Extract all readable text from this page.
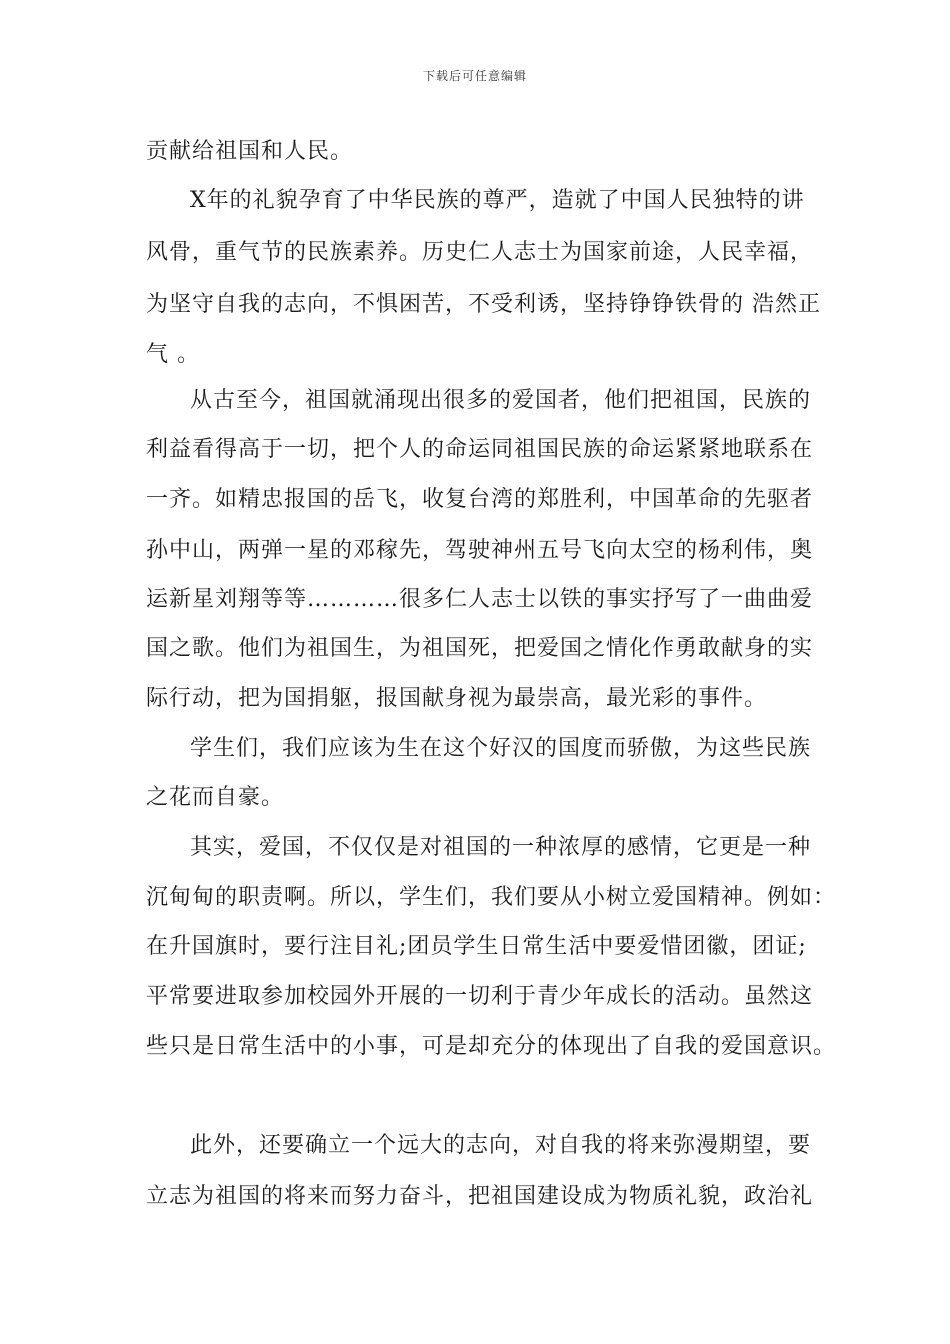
下载后可任意编辑
贡献给祖国和人民。
X年的礼貌孕育了中华民族的尊严，造就了中国人民独特的讲
风骨，重气节的民族素养。历史仁人志士为国家前途，人民幸福，
为坚守自我的志向，不惧困苦，不受利诱，坚持铮铮铁骨的 浩然正
气 。
从古至今，祖国就涌现出很多的爱国者，他们把祖国，民族的
利益看得高于一切，把个人的命运同祖国民族的命运紧紧地联系在
一齐。如精忠报国的岳飞，收复台湾的郑胜利，中国革命的先驱者
孙中山，两弹一星的邓稼先，驾驶神州五号飞向太空的杨利伟，奥
运新星刘翔等等…………很多仁人志士以铁的事实抒写了一曲曲爱
国之歌。他们为祖国生，为祖国死，把爱国之情化作勇敢献身的实
际行动，把为国捐躯，报国献身视为最崇高，最光彩的事件。
学生们，我们应该为生在这个好汉的国度而骄傲，为这些民族
之花而自豪。
其实，爱国，不仅仅是对祖国的一种浓厚的感情，它更是一种
沉甸甸的职责啊。所以，学生们，我们要从小树立爱国精神。例如：
在升国旗时，要行注目礼;团员学生日常生活中要爱惜团徽，团证;
平常要进取参加校园外开展的一切利于青少年成长的活动。虽然这
些只是日常生活中的小事，可是却充分的体现出了自我的爱国意识。
此外，还要确立一个远大的志向，对自我的将来弥漫期望，要
立志为祖国的将来而努力奋斗，把祖国建设成为物质礼貌，政治礼
